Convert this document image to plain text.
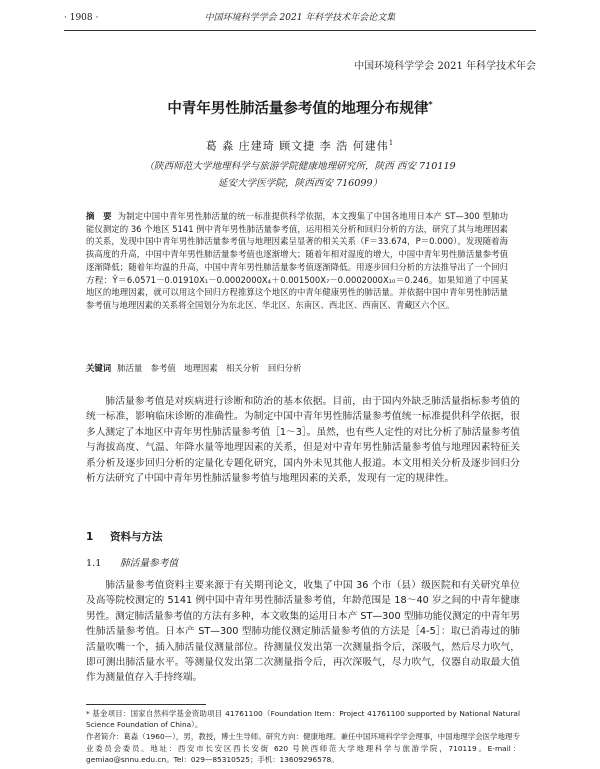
· 1908 ·	中国环境科学学会 2021 年科学技术年会论文集
中国环境科学学会 2021 年科学技术年会
中青年男性肺活量参考值的地理分布规律*
葛 淼 庄建琦 顾文捷 李 浩 何建伟$^1$
（陕西师范大学地理科学与旅游学院健康地理研究所，陕西 西安 710119
延安大学医学院，陕西西安 716099）
摘　要 为制定中国中青年男性肺活量的统一标准提供科学依据，本文搜集了中国各地用日本产 ST—300 型肺功能仪测定的 36 个地区 5141 例中青年男性肺活量参考值，运用相关分析和回归分析的方法，研究了其与地理因素的关系，发现中国中青年男性肺活量参考值与地理因素呈显著的相关关系（F＝33.674，P＝0.000）。发现随着海拔高度的升高，中国中青年男性肺活量参考值也逐渐增大；随着年相对湿度的增大，中国中青年男性肺活量参考值逐渐降低；随着年均温的升高，中国中青年男性肺活量参考值逐渐降低。用逐步回归分析的方法推导出了一个回归方程：Ŷ＝6.0571－0.01910X₁－0.0002000X₄＋0.001500X₇－0.0002000X₁₀＝0.246。如果知道了中国某地区的地理因素，就可以用这个回归方程推算这个地区的中青年健康男性的肺活量。并依据中国中青年男性肺活量参考值与地理因素的关系将全国划分为东北区、华北区、东南区、西北区、西南区、青藏区六个区。
关键词 肺活量　参考值　地理因素　相关分析　回归分析
肺活量参考值是对疾病进行诊断和防治的基本依据。目前，由于国内外缺乏肺活量指标参考值的统一标准，影响临床诊断的准确性。为制定中国中青年男性肺活量参考值统一标准提供科学依据，很多人测定了本地区中青年男性肺活量参考值［1～3］。虽然，也有些人定性的对比分析了肺活量参考值与海拔高度、气温、年降水量等地理因素的关系，但是对中青年男性肺活量参考值与地理因素特征关系分析及逐步回归分析的定量化专题化研究，国内外未见其他人报道。本文用相关分析及逐步回归分析方法研究了中国中青年男性肺活量参考值与地理因素的关系，发现有一定的规律性。
1 资料与方法
1.1 肺活量参考值
肺活量参考值资料主要来源于有关期刊论文，收集了中国 36 个市（县）级医院和有关研究单位及高等院校测定的 5141 例中国中青年男性肺活量参考值，年龄范围是 18～40 岁之间的中青年健康男性。测定肺活量参考值的方法有多种，本文收集的运用日本产 ST—300 型肺功能仪测定的中青年男性肺活量参考值。日本产 ST—300 型肺功能仪测定肺活量参考值的方法是［4-5］：取已消毒过的肺活量吹嘴一个，插入肺活量仪测量部位。待测量仪发出第一次测量指令后，深吸气，然后尽力吹气，即可测出肺活量水平。等测量仪发出第二次测量指令后，再次深吸气，尽力吹气，仪器自动取最大值作为测量值存入手持终端。

* 基金项目：国家自然科学基金资助项目 41761100（Foundation Item：Project 41761100 supported by National Natural Science Foundation of China）。

作者简介：葛淼（1960—），男，教授，博士生导师。研究方向：健康地理。兼任中国环境科学学会理事，中国地理学会医学地理专业委员会委员。地址：西安市长安区西长安街 620 号陕西师范大学地理科学与旅游学院，710119。E-mail：gemiao@snnu.edu.cn。Tel：029—85310525；手机：13609296578。
